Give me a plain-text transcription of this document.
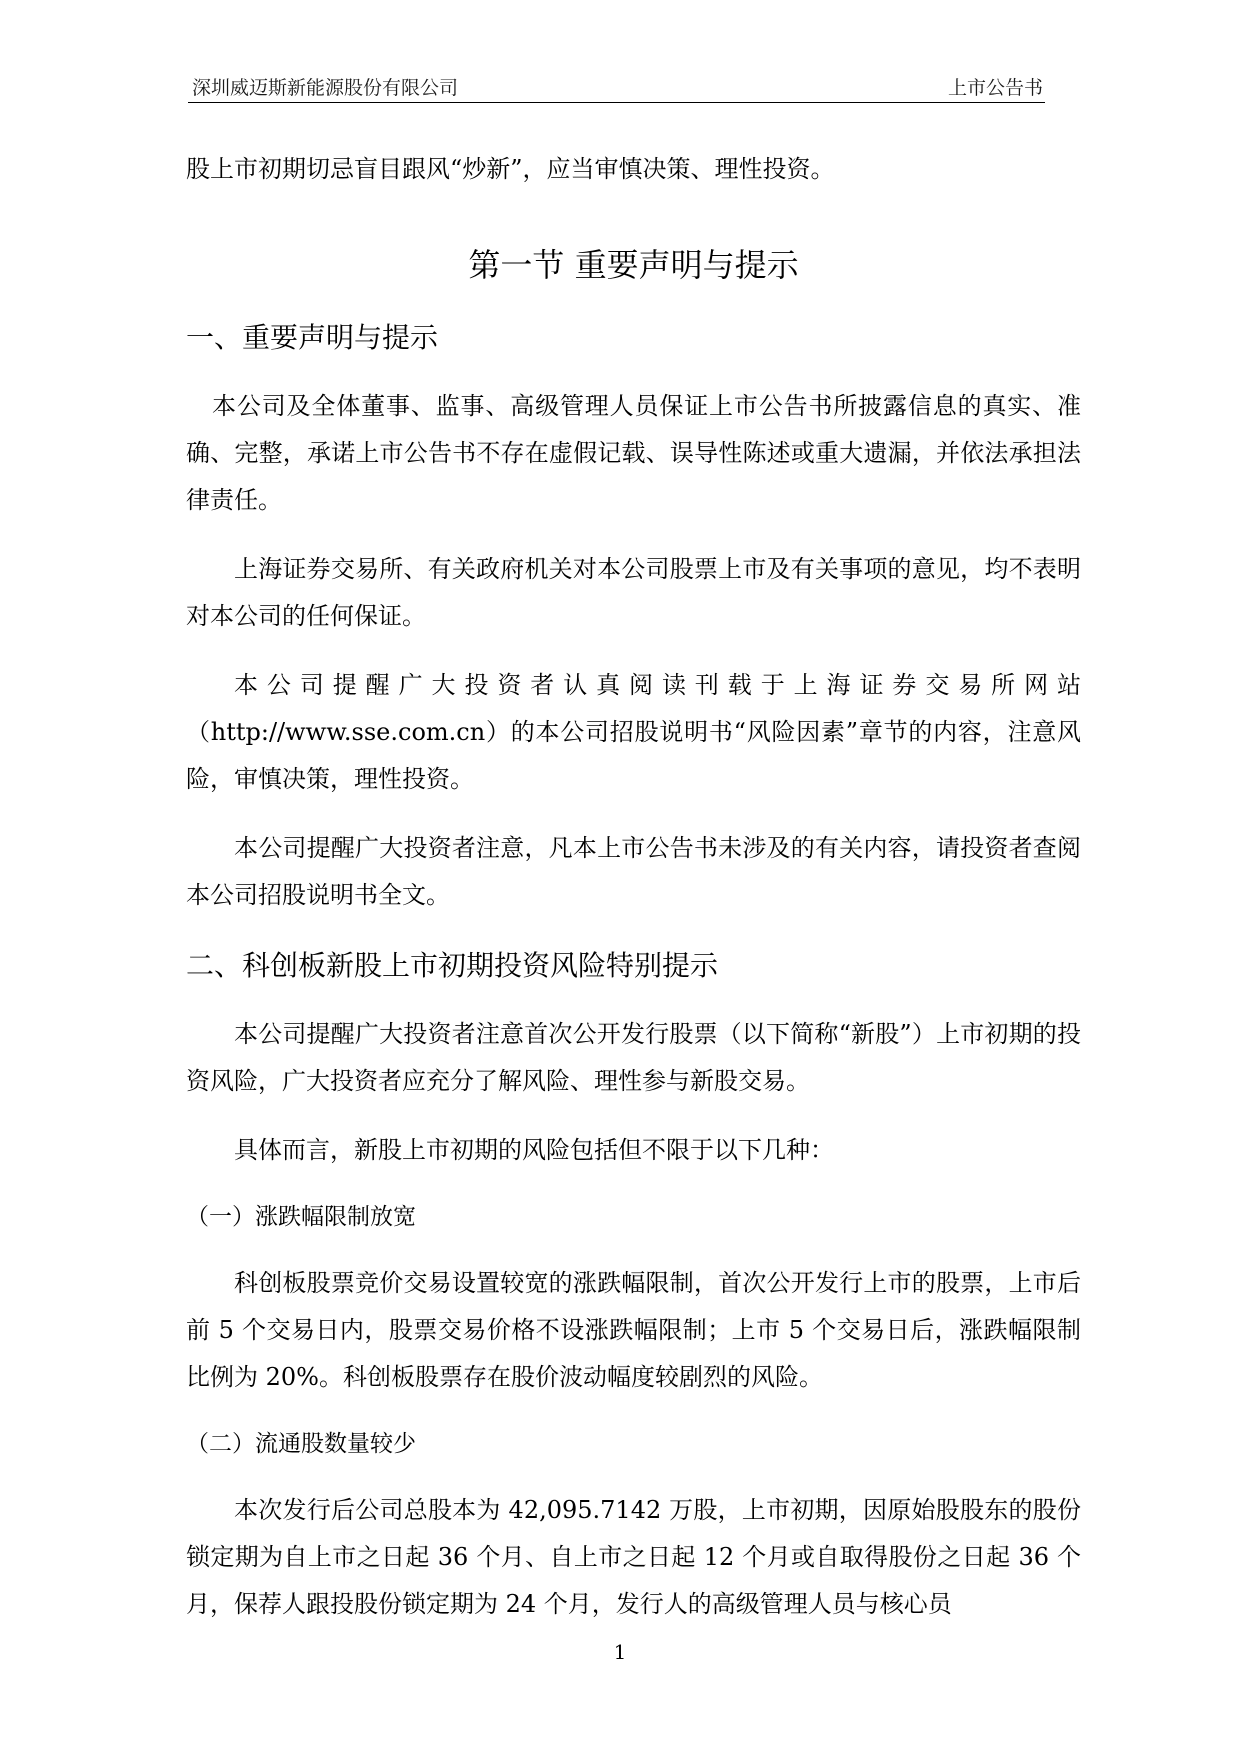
深圳威迈斯新能源股份有限公司	上市公告书

股上市初期切忌盲目跟风“炒新”，应当审慎决策、理性投资。

第一节 重要声明与提示
一、重要声明与提示

本公司及全体董事、监事、高级管理人员保证上市公告书所披露信息的真实、准确、完整，承诺上市公告书不存在虚假记载、误导性陈述或重大遗漏，并依法承担法律责任。

上海证券交易所、有关政府机关对本公司股票上市及有关事项的意见，均不表明对本公司的任何保证。

本公司提醒广大投资者认真阅读刊载于上海证券交易所网站（http://www.sse.com.cn）的本公司招股说明书“风险因素”章节的内容，注意风险，审慎决策，理性投资。

本公司提醒广大投资者注意，凡本上市公告书未涉及的有关内容，请投资者查阅本公司招股说明书全文。

二、科创板新股上市初期投资风险特别提示

本公司提醒广大投资者注意首次公开发行股票（以下简称“新股”）上市初期的投资风险，广大投资者应充分了解风险、理性参与新股交易。

具体而言，新股上市初期的风险包括但不限于以下几种：

（一）涨跌幅限制放宽

科创板股票竞价交易设置较宽的涨跌幅限制，首次公开发行上市的股票，上市后前 5 个交易日内，股票交易价格不设涨跌幅限制；上市 5 个交易日后，涨跌幅限制比例为 20%。科创板股票存在股价波动幅度较剧烈的风险。

（二）流通股数量较少

本次发行后公司总股本为 42,095.7142 万股，上市初期，因原始股股东的股份锁定期为自上市之日起 36 个月、自上市之日起 12 个月或自取得股份之日起 36 个月，保荐人跟投股份锁定期为 24 个月，发行人的高级管理人员与核心员

1
